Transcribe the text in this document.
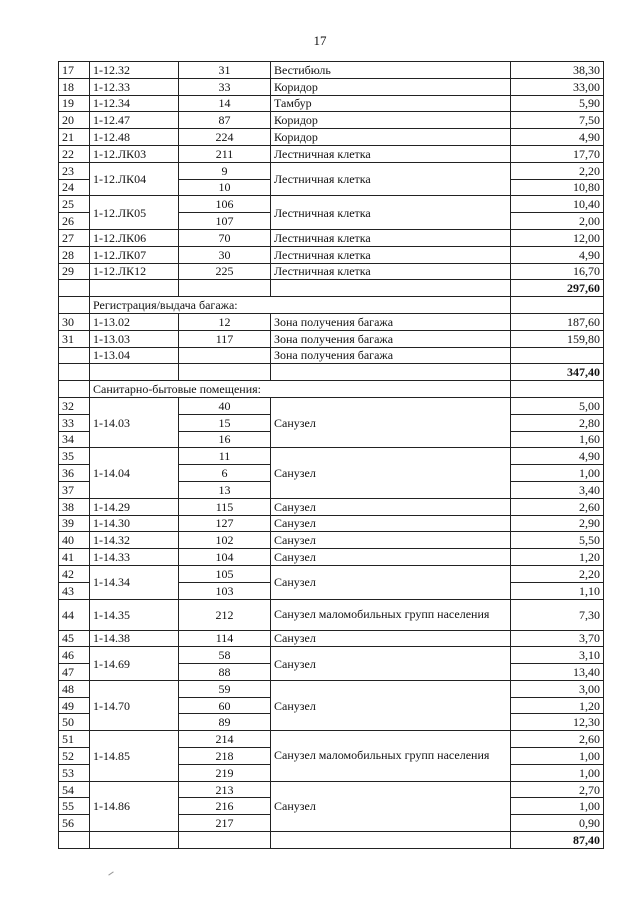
17
17	1-12.32	31	Вестибюль	38,30
18	1-12.33	33	Коридор	33,00
19	1-12.34	14	Тамбур	5,90
20	1-12.47	87	Коридор	7,50
21	1-12.48	224	Коридор	4,90
22	1-12.ЛК03	211	Лестничная клетка	17,70
23	1-12.ЛК04	9	Лестничная клетка	2,20
24		10		10,80
25	1-12.ЛК05	106	Лестничная клетка	10,40
26		107		2,00
27	1-12.ЛК06	70	Лестничная клетка	12,00
28	1-12.ЛК07	30	Лестничная клетка	4,90
29	1-12.ЛК12	225	Лестничная клетка	16,70
				297,60
	Регистрация/выдача багажа:			
30	1-13.02	12	Зона получения багажа	187,60
31	1-13.03	117	Зона получения багажа	159,80
	1-13.04		Зона получения багажа	
				347,40
	Санитарно-бытовые помещения:			
32	1-14.03	40	Санузел	5,00
33		15		2,80
34		16		1,60
35	1-14.04	11	Санузел	4,90
36		6		1,00
37		13		3,40
38	1-14.29	115	Санузел	2,60
39	1-14.30	127	Санузел	2,90
40	1-14.32	102	Санузел	5,50
41	1-14.33	104	Санузел	1,20
42	1-14.34	105	Санузел	2,20
43		103		1,10
44	1-14.35	212	Санузел маломобильных групп населения	7,30
45	1-14.38	114	Санузел	3,70
46	1-14.69	58	Санузел	3,10
47		88		13,40
48	1-14.70	59	Санузел	3,00
49		60		1,20
50		89		12,30
51	1-14.85	214	Санузел маломобильных групп населения	2,60
52		218		1,00
53		219		1,00
54	1-14.86	213	Санузел	2,70
55		216		1,00
56		217		0,90
				87,40
